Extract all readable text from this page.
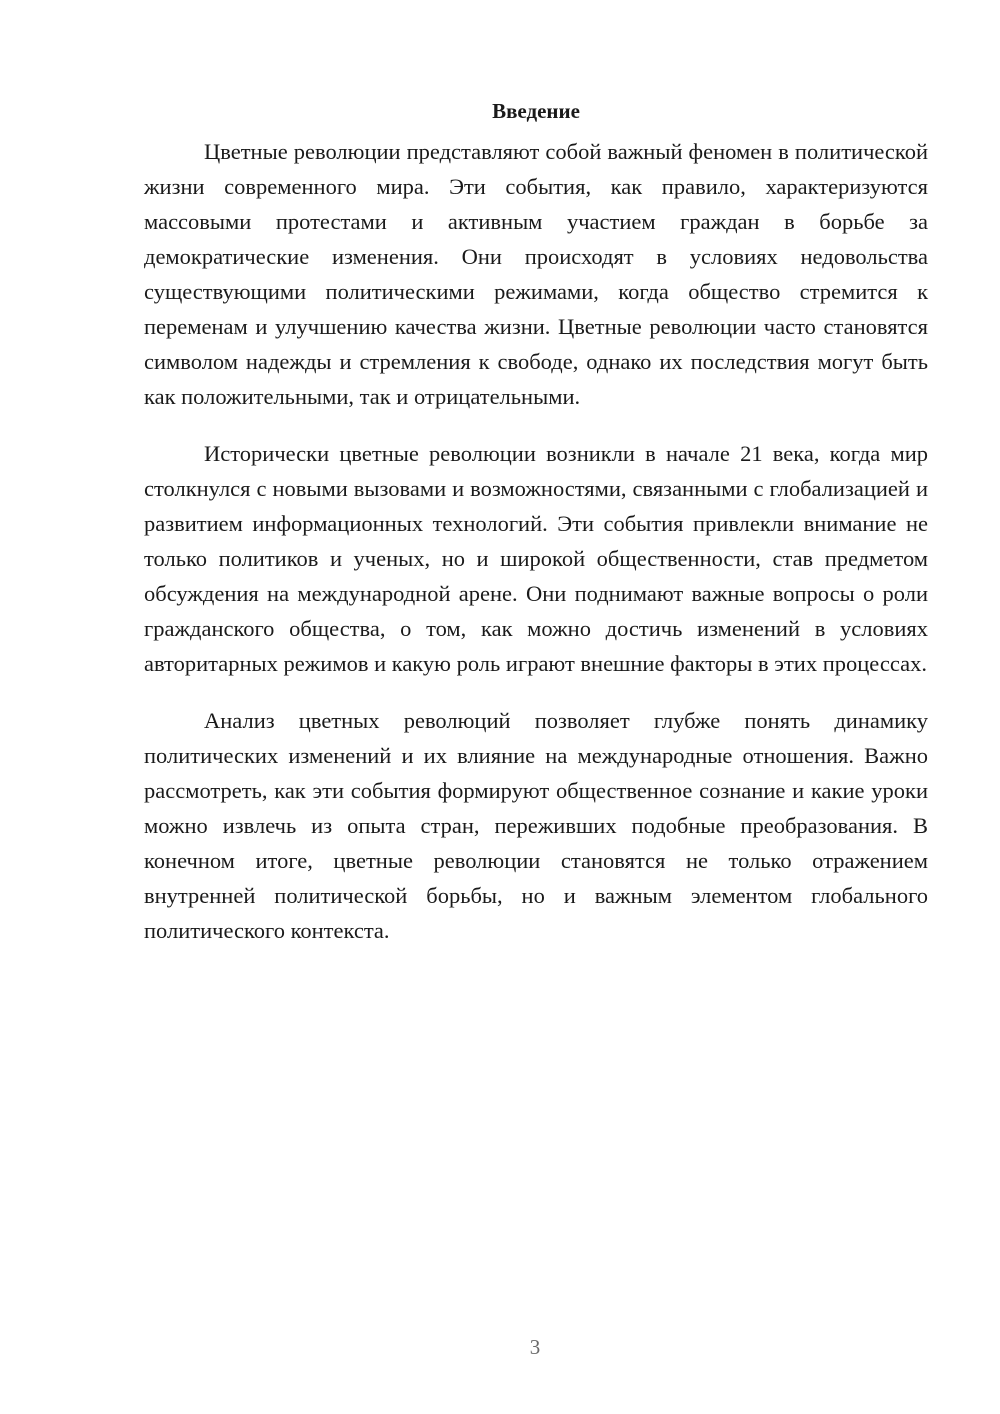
Введение

Цветные революции представляют собой важный феномен в политической жизни современного мира. Эти события, как правило, характеризуются массовыми протестами и активным участием граждан в борьбе за демократические изменения. Они происходят в условиях недовольства существующими политическими режимами, когда общество стремится к переменам и улучшению качества жизни. Цветные революции часто становятся символом надежды и стремления к свободе, однако их последствия могут быть как положительными, так и отрицательными.

Исторически цветные революции возникли в начале 21 века, когда мир столкнулся с новыми вызовами и возможностями, связанными с глобализацией и развитием информационных технологий. Эти события привлекли внимание не только политиков и ученых, но и широкой общественности, став предметом обсуждения на международной арене. Они поднимают важные вопросы о роли гражданского общества, о том, как можно достичь изменений в условиях авторитарных режимов и какую роль играют внешние факторы в этих процессах.

Анализ цветных революций позволяет глубже понять динамику политических изменений и их влияние на международные отношения. Важно рассмотреть, как эти события формируют общественное сознание и какие уроки можно извлечь из опыта стран, переживших подобные преобразования. В конечном итоге, цветные революции становятся не только отражением внутренней политической борьбы, но и важным элементом глобального политического контекста.

3
